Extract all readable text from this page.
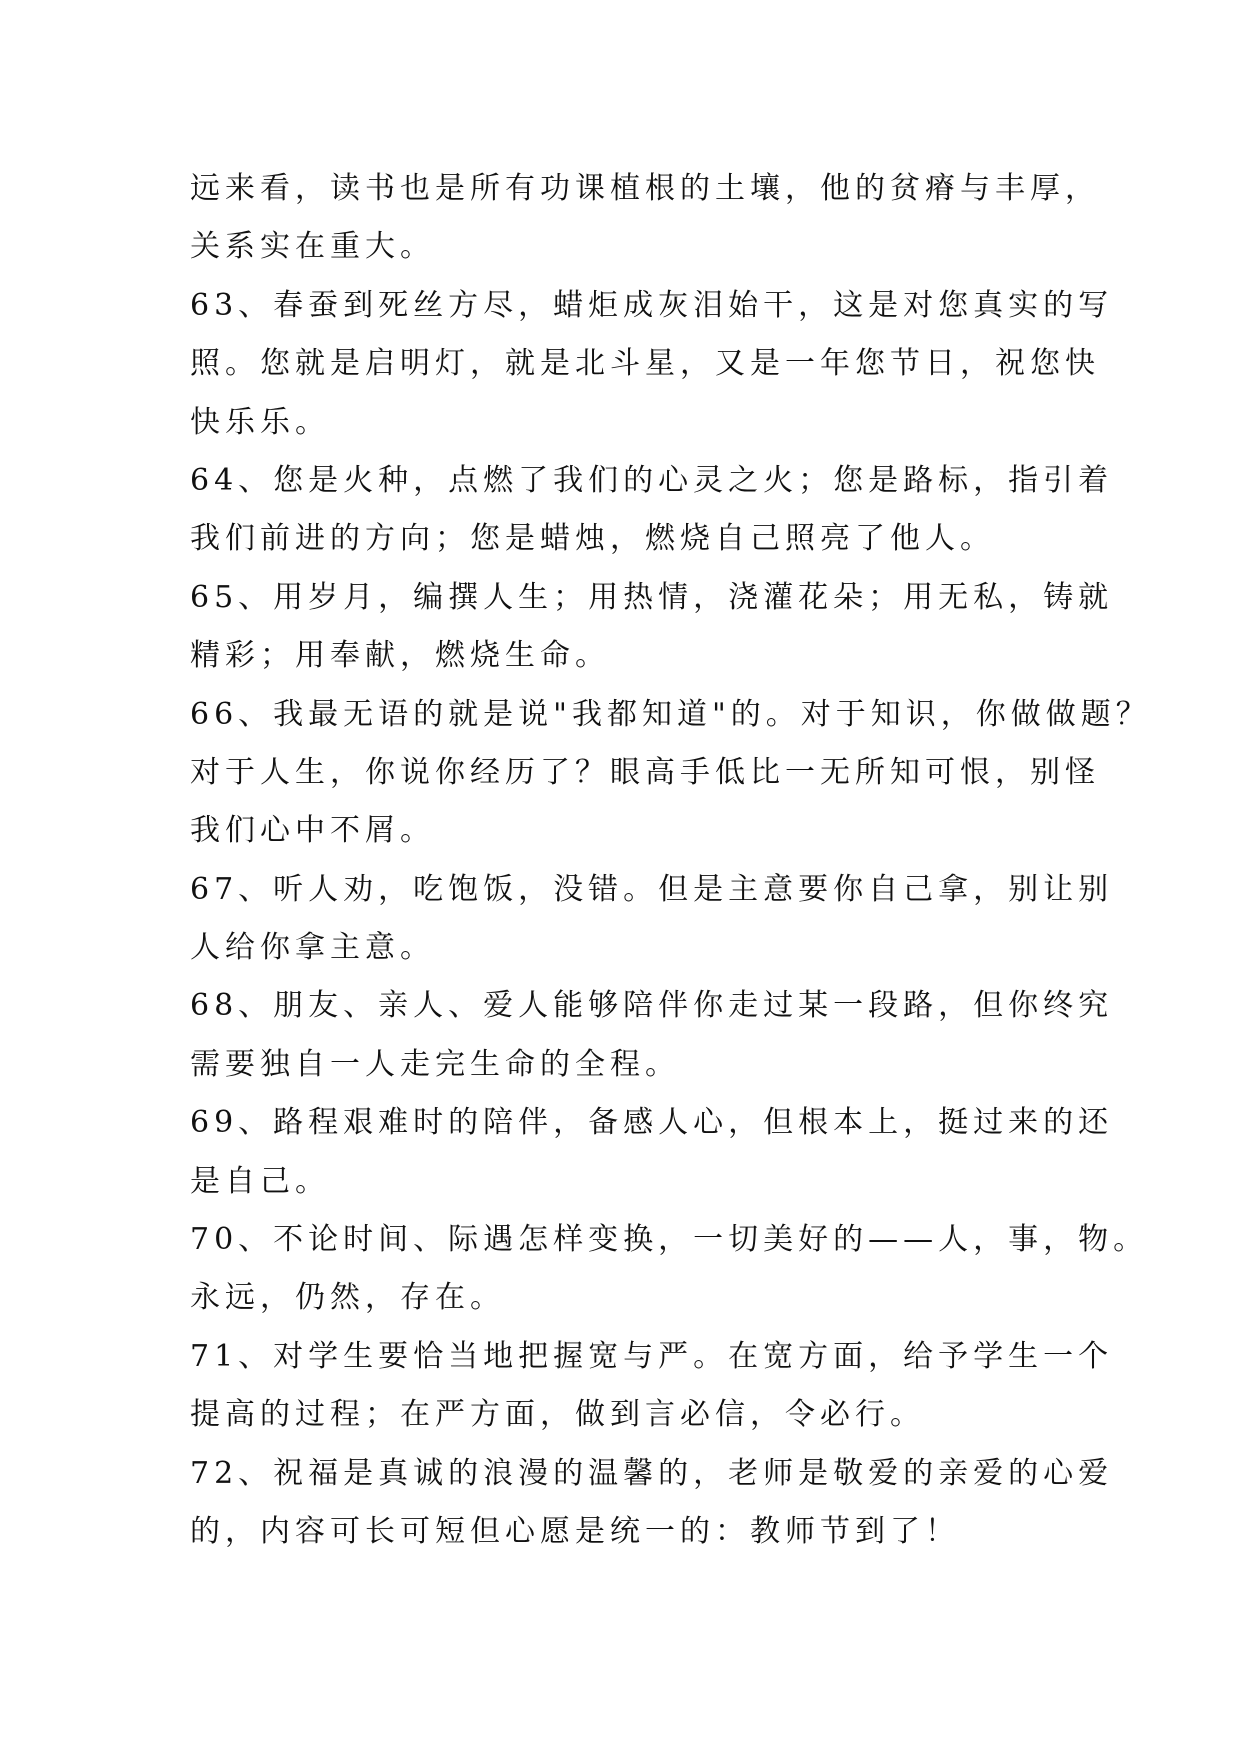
远来看，读书也是所有功课植根的土壤，他的贫瘠与丰厚，
关系实在重大。
63、春蚕到死丝方尽，蜡炬成灰泪始干，这是对您真实的写
照。您就是启明灯，就是北斗星，又是一年您节日，祝您快
快乐乐。
64、您是火种，点燃了我们的心灵之火；您是路标，指引着
我们前进的方向；您是蜡烛，燃烧自己照亮了他人。
65、用岁月，编撰人生；用热情，浇灌花朵；用无私，铸就
精彩；用奉献，燃烧生命。
66、我最无语的就是说"我都知道"的。对于知识，你做做题？
对于人生，你说你经历了？眼高手低比一无所知可恨，别怪
我们心中不屑。
67、听人劝，吃饱饭，没错。但是主意要你自己拿，别让别
人给你拿主意。
68、朋友、亲人、爱人能够陪伴你走过某一段路，但你终究
需要独自一人走完生命的全程。
69、路程艰难时的陪伴，备感人心，但根本上，挺过来的还
是自己。
70、不论时间、际遇怎样变换，一切美好的——人，事，物。
永远，仍然，存在。
71、对学生要恰当地把握宽与严。在宽方面，给予学生一个
提高的过程；在严方面，做到言必信，令必行。
72、祝福是真诚的浪漫的温馨的，老师是敬爱的亲爱的心爱
的，内容可长可短但心愿是统一的：教师节到了！
